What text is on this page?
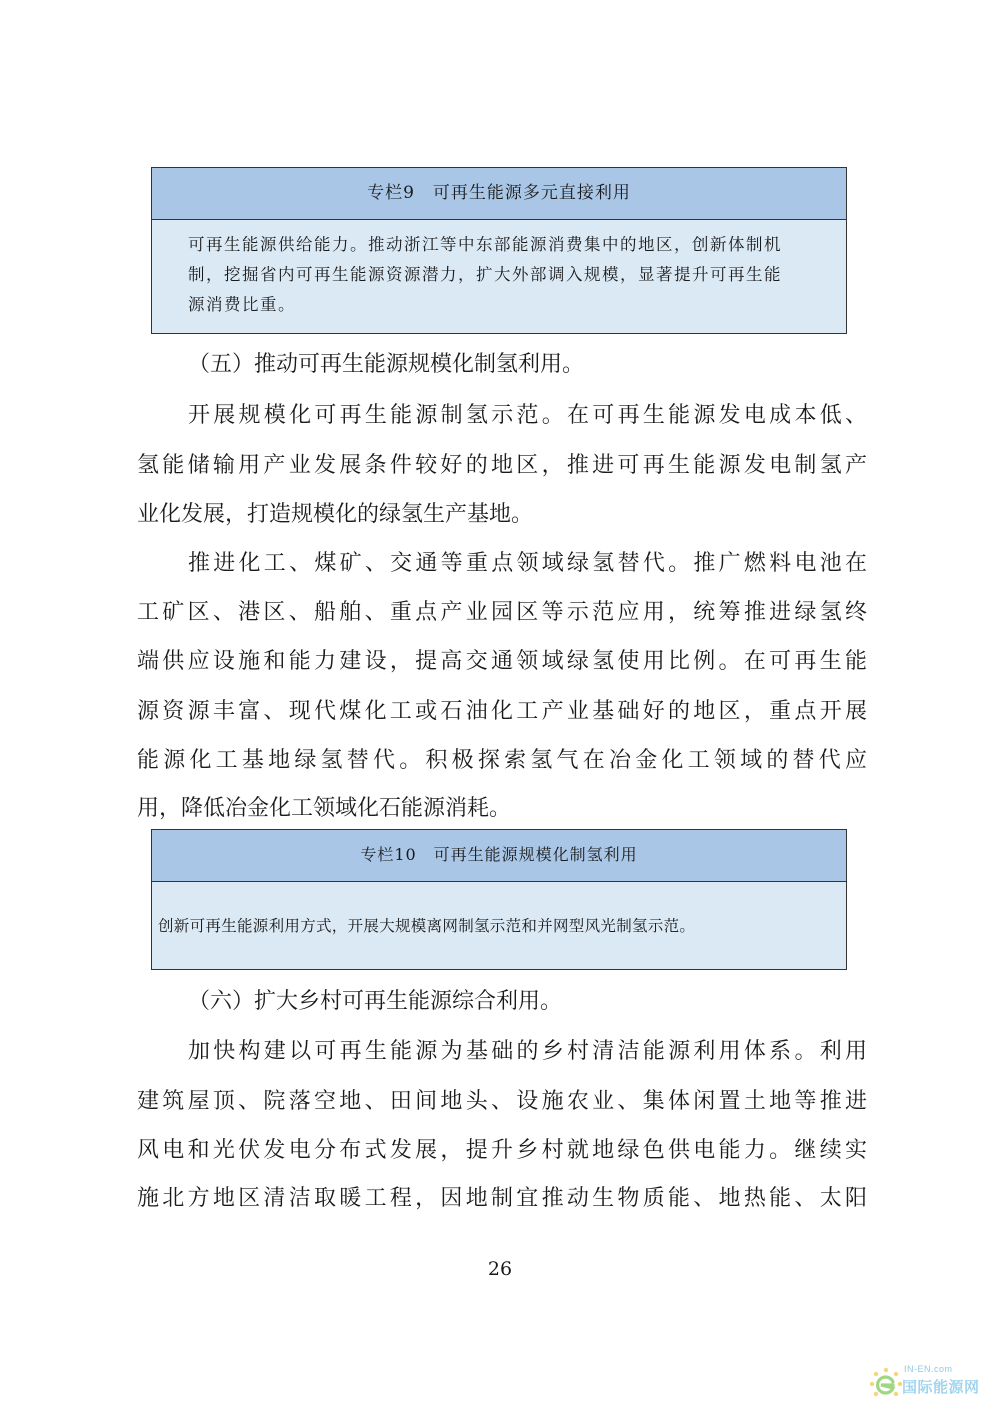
专栏9　可再生能源多元直接利用
可再生能源供给能力。推动浙江等中东部能源消费集中的地区，创新体制机
制，挖掘省内可再生能源资源潜力，扩大外部调入规模，显著提升可再生能
源消费比重。
（五）推动可再生能源规模化制氢利用。
开展规模化可再生能源制氢示范。在可再生能源发电成本低、
氢能储输用产业发展条件较好的地区，推进可再生能源发电制氢产
业化发展，打造规模化的绿氢生产基地。
推进化工、煤矿、交通等重点领域绿氢替代。推广燃料电池在
工矿区、港区、船舶、重点产业园区等示范应用，统筹推进绿氢终
端供应设施和能力建设，提高交通领域绿氢使用比例。在可再生能
源资源丰富、现代煤化工或石油化工产业基础好的地区，重点开展
能源化工基地绿氢替代。积极探索氢气在冶金化工领域的替代应
用，降低冶金化工领域化石能源消耗。
专栏10　可再生能源规模化制氢利用
创新可再生能源利用方式，开展大规模离网制氢示范和并网型风光制氢示范。
（六）扩大乡村可再生能源综合利用。
加快构建以可再生能源为基础的乡村清洁能源利用体系。利用
建筑屋顶、院落空地、田间地头、设施农业、集体闲置土地等推进
风电和光伏发电分布式发展，提升乡村就地绿色供电能力。继续实
施北方地区清洁取暖工程，因地制宜推动生物质能、地热能、太阳
26
IN-EN.com
国际能源网
